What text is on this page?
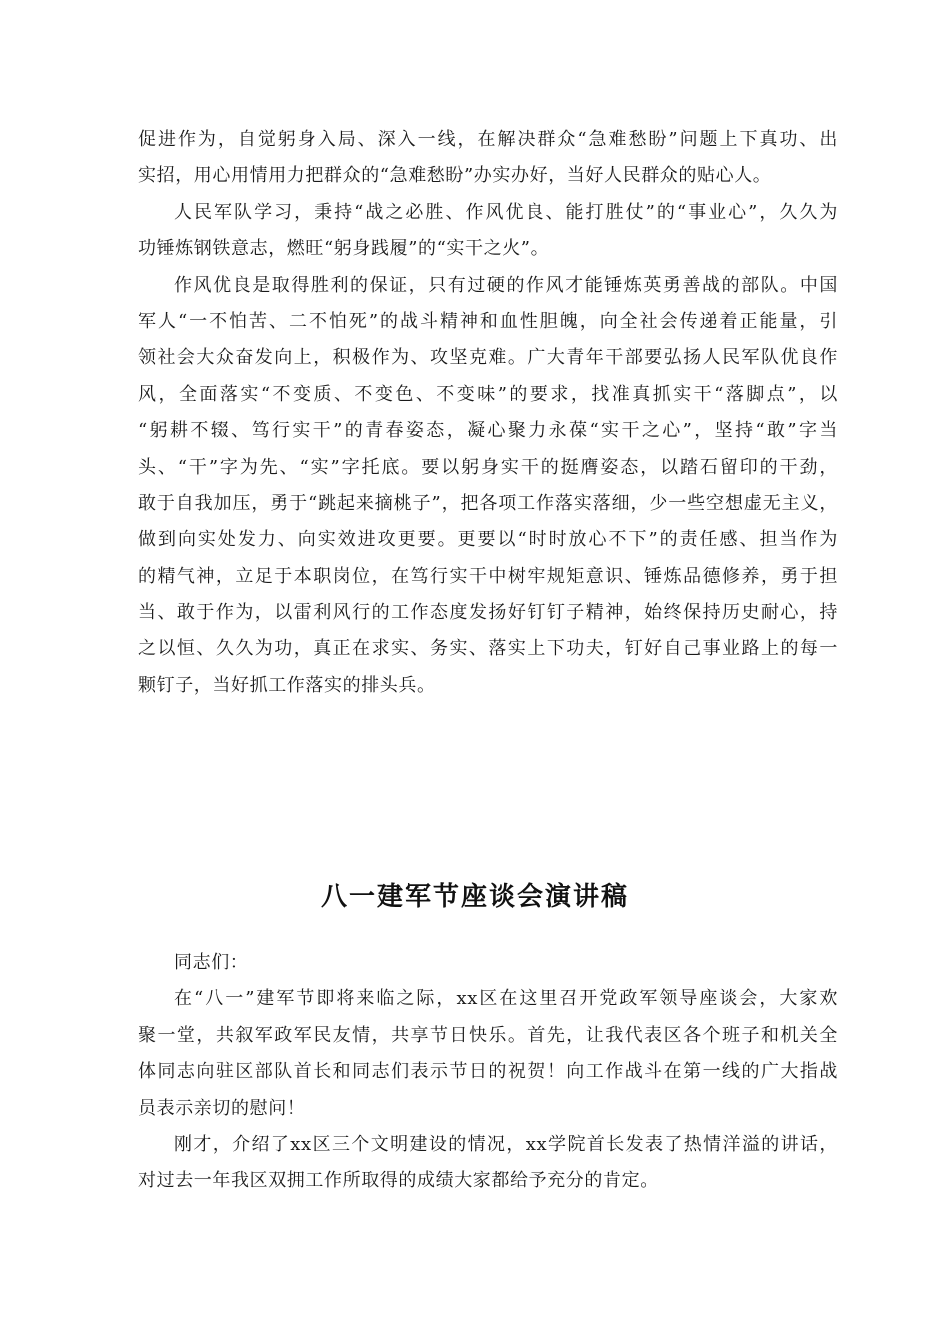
促进作为，自觉躬身入局、深入一线，在解决群众“急难愁盼”问题上下真功、出
实招，用心用情用力把群众的“急难愁盼”办实办好，当好人民群众的贴心人。
人民军队学习，秉持“战之必胜、作风优良、能打胜仗”的“事业心”，久久为
功锤炼钢铁意志，燃旺“躬身践履”的“实干之火”。
作风优良是取得胜利的保证，只有过硬的作风才能锤炼英勇善战的部队。中国
军人“一不怕苦、二不怕死”的战斗精神和血性胆魄，向全社会传递着正能量，引
领社会大众奋发向上，积极作为、攻坚克难。广大青年干部要弘扬人民军队优良作
风，全面落实“不变质、不变色、不变味”的要求，找准真抓实干“落脚点”，以
“躬耕不辍、笃行实干”的青春姿态，凝心聚力永葆“实干之心”，坚持“敢”字当
头、“干”字为先、“实”字托底。要以躬身实干的挺膺姿态，以踏石留印的干劲，
敢于自我加压，勇于“跳起来摘桃子”，把各项工作落实落细，少一些空想虚无主义，
做到向实处发力、向实效进攻更要。更要以“时时放心不下”的责任感、担当作为
的精气神，立足于本职岗位，在笃行实干中树牢规矩意识、锤炼品德修养，勇于担
当、敢于作为，以雷利风行的工作态度发扬好钉钉子精神，始终保持历史耐心，持
之以恒、久久为功，真正在求实、务实、落实上下功夫，钉好自己事业路上的每一
颗钉子，当好抓工作落实的排头兵。
八一建军节座谈会演讲稿
同志们：
在“八一”建军节即将来临之际，xx区在这里召开党政军领导座谈会，大家欢
聚一堂，共叙军政军民友情，共享节日快乐。首先，让我代表区各个班子和机关全
体同志向驻区部队首长和同志们表示节日的祝贺！向工作战斗在第一线的广大指战
员表示亲切的慰问！
刚才，介绍了xx区三个文明建设的情况，xx学院首长发表了热情洋溢的讲话，
对过去一年我区双拥工作所取得的成绩大家都给予充分的肯定。
